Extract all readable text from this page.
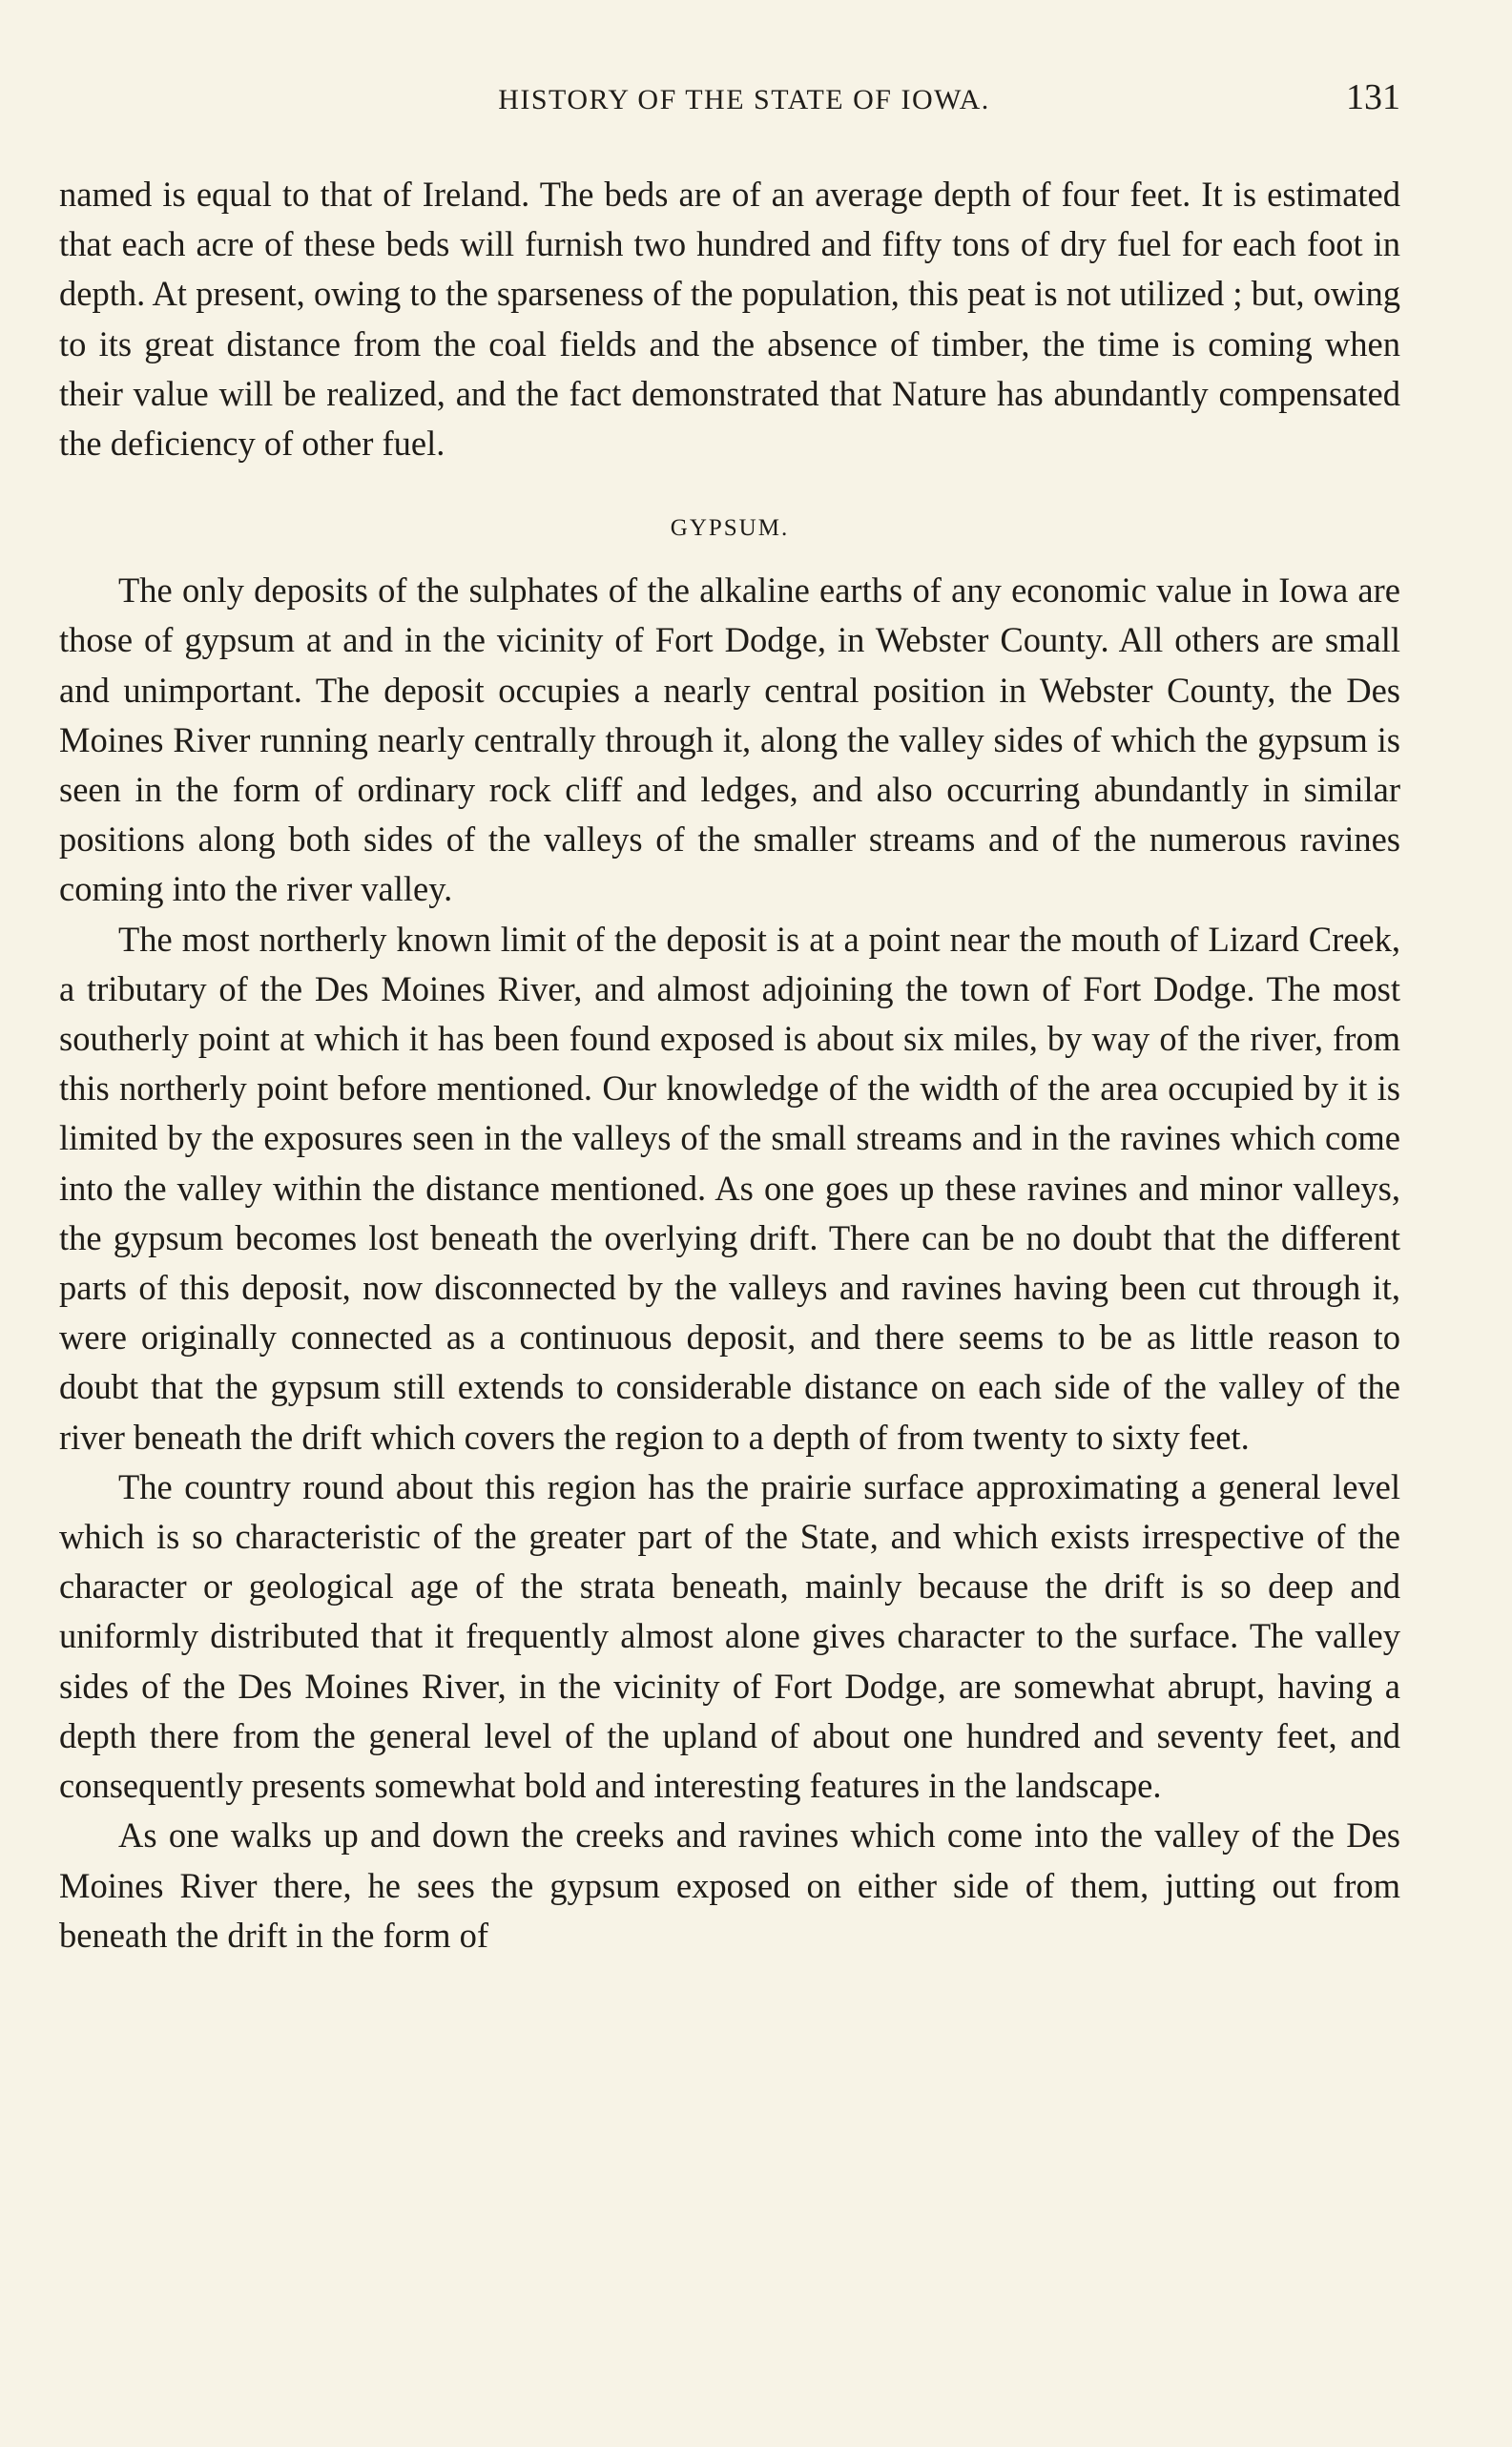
HISTORY OF THE STATE OF IOWA.	131

named is equal to that of Ireland. The beds are of an average depth of four feet. It is estimated that each acre of these beds will furnish two hundred and fifty tons of dry fuel for each foot in depth. At present, owing to the sparseness of the population, this peat is not utilized ; but, owing to its great distance from the coal fields and the absence of timber, the time is coming when their value will be realized, and the fact demonstrated that Nature has abundantly compensated the deficiency of other fuel.

GYPSUM.

The only deposits of the sulphates of the alkaline earths of any economic value in Iowa are those of gypsum at and in the vicinity of Fort Dodge, in Webster County. All others are small and unimportant. The deposit occupies a nearly central position in Webster County, the Des Moines River running nearly centrally through it, along the valley sides of which the gypsum is seen in the form of ordinary rock cliff and ledges, and also occurring abundantly in similar positions along both sides of the valleys of the smaller streams and of the numerous ravines coming into the river valley.

The most northerly known limit of the deposit is at a point near the mouth of Lizard Creek, a tributary of the Des Moines River, and almost adjoining the town of Fort Dodge. The most southerly point at which it has been found exposed is about six miles, by way of the river, from this northerly point before mentioned. Our knowledge of the width of the area occupied by it is limited by the exposures seen in the valleys of the small streams and in the ravines which come into the valley within the distance mentioned. As one goes up these ravines and minor valleys, the gypsum becomes lost beneath the overlying drift. There can be no doubt that the different parts of this deposit, now disconnected by the valleys and ravines having been cut through it, were originally connected as a continuous deposit, and there seems to be as little reason to doubt that the gypsum still extends to considerable distance on each side of the valley of the river beneath the drift which covers the region to a depth of from twenty to sixty feet.

The country round about this region has the prairie surface approximating a general level which is so characteristic of the greater part of the State, and which exists irrespective of the character or geological age of the strata beneath, mainly because the drift is so deep and uniformly distributed that it frequently almost alone gives character to the surface. The valley sides of the Des Moines River, in the vicinity of Fort Dodge, are somewhat abrupt, having a depth there from the general level of the upland of about one hundred and seventy feet, and consequently presents somewhat bold and interesting features in the landscape.

As one walks up and down the creeks and ravines which come into the valley of the Des Moines River there, he sees the gypsum exposed on either side of them, jutting out from beneath the drift in the form of
